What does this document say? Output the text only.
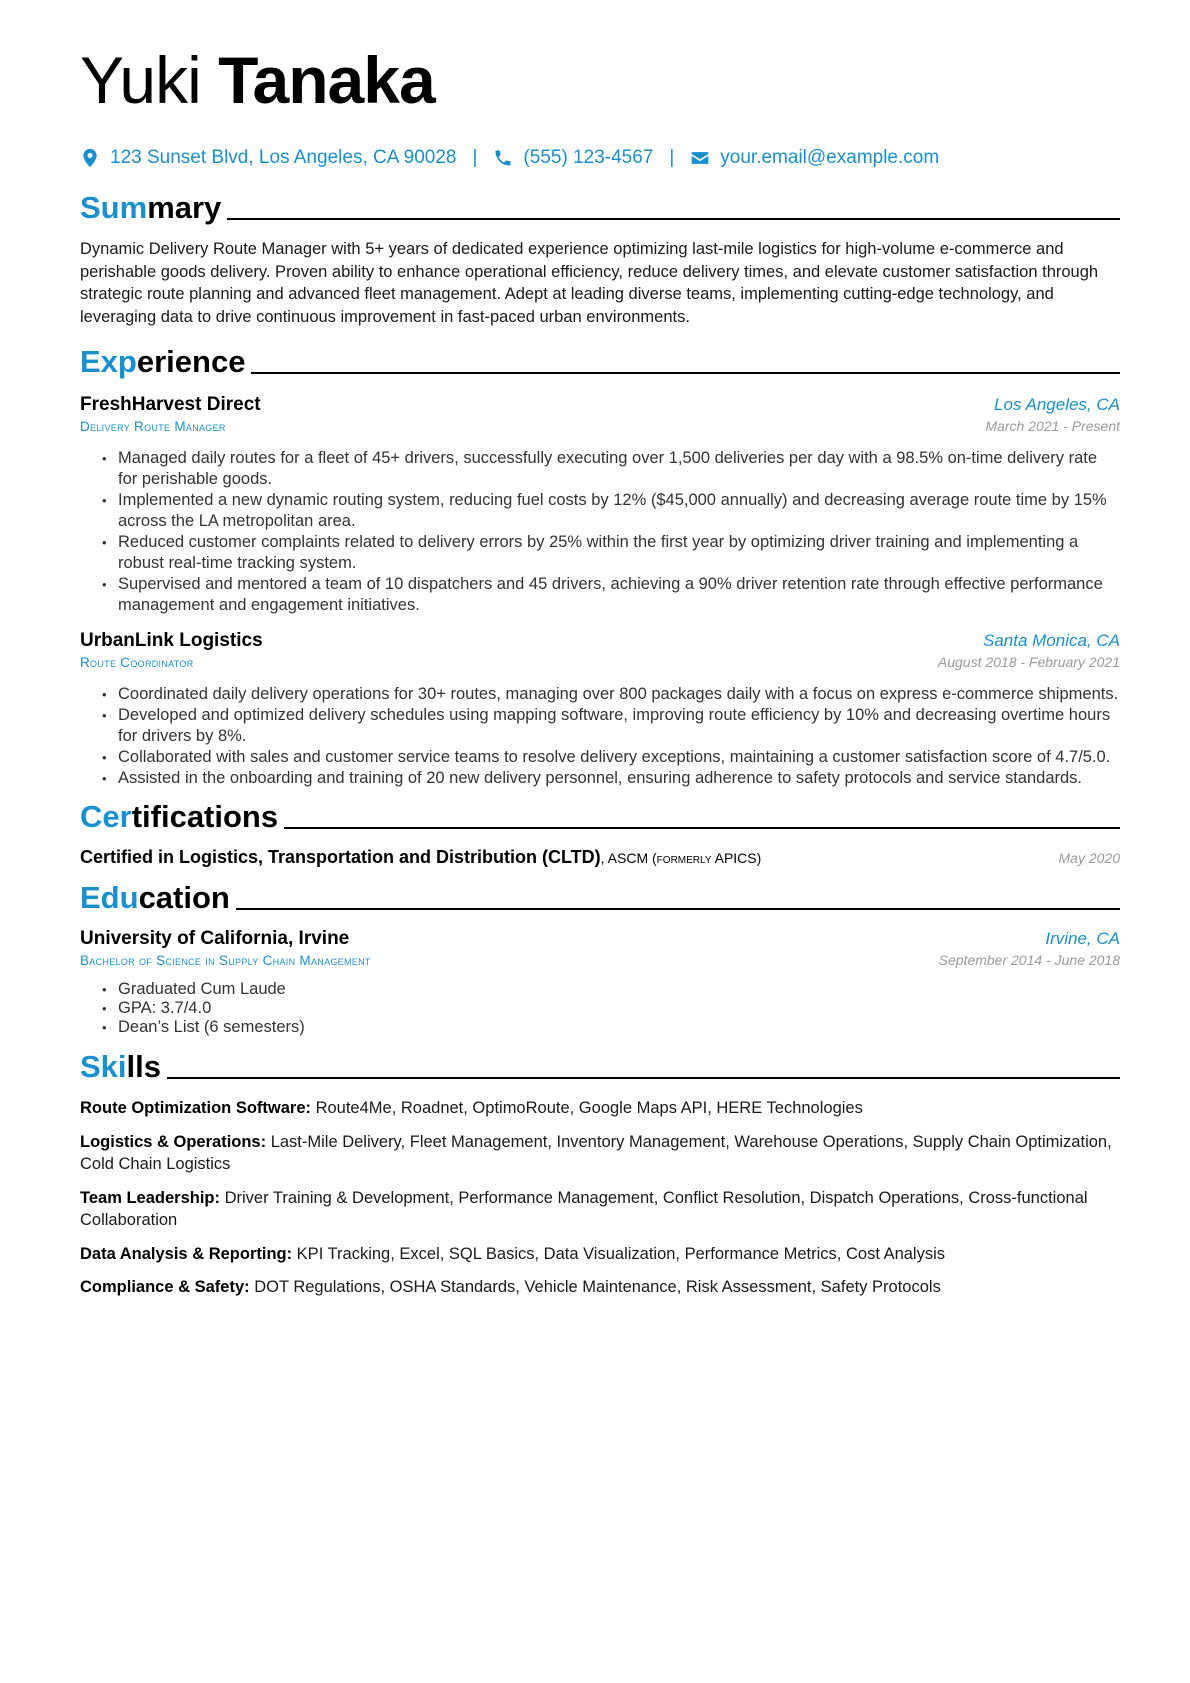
Yuki Tanaka
123 Sunset Blvd, Los Angeles, CA 90028 | (555) 123-4567 | your.email@example.com
Summary
Dynamic Delivery Route Manager with 5+ years of dedicated experience optimizing last-mile logistics for high-volume e-commerce and perishable goods delivery. Proven ability to enhance operational efficiency, reduce delivery times, and elevate customer satisfaction through strategic route planning and advanced fleet management. Adept at leading diverse teams, implementing cutting-edge technology, and leveraging data to drive continuous improvement in fast-paced urban environments.
Experience
FreshHarvest Direct	Los Angeles, CA
Delivery Route Manager	March 2021 - Present
• Managed daily routes for a fleet of 45+ drivers, successfully executing over 1,500 deliveries per day with a 98.5% on-time delivery rate for perishable goods.
• Implemented a new dynamic routing system, reducing fuel costs by 12% ($45,000 annually) and decreasing average route time by 15% across the LA metropolitan area.
• Reduced customer complaints related to delivery errors by 25% within the first year by optimizing driver training and implementing a robust real-time tracking system.
• Supervised and mentored a team of 10 dispatchers and 45 drivers, achieving a 90% driver retention rate through effective performance management and engagement initiatives.
UrbanLink Logistics	Santa Monica, CA
Route Coordinator	August 2018 - February 2021
• Coordinated daily delivery operations for 30+ routes, managing over 800 packages daily with a focus on express e-commerce shipments.
• Developed and optimized delivery schedules using mapping software, improving route efficiency by 10% and decreasing overtime hours for drivers by 8%.
• Collaborated with sales and customer service teams to resolve delivery exceptions, maintaining a customer satisfaction score of 4.7/5.0.
• Assisted in the onboarding and training of 20 new delivery personnel, ensuring adherence to safety protocols and service standards.
Certifications
Certified in Logistics, Transportation and Distribution (CLTD), ASCM (formerly APICS)	May 2020
Education
University of California, Irvine	Irvine, CA
Bachelor of Science in Supply Chain Management	September 2014 - June 2018
• Graduated Cum Laude
• GPA: 3.7/4.0
• Dean’s List (6 semesters)
Skills
Route Optimization Software: Route4Me, Roadnet, OptimoRoute, Google Maps API, HERE Technologies
Logistics & Operations: Last-Mile Delivery, Fleet Management, Inventory Management, Warehouse Operations, Supply Chain Optimization, Cold Chain Logistics
Team Leadership: Driver Training & Development, Performance Management, Conflict Resolution, Dispatch Operations, Cross-functional Collaboration
Data Analysis & Reporting: KPI Tracking, Excel, SQL Basics, Data Visualization, Performance Metrics, Cost Analysis
Compliance & Safety: DOT Regulations, OSHA Standards, Vehicle Maintenance, Risk Assessment, Safety Protocols
